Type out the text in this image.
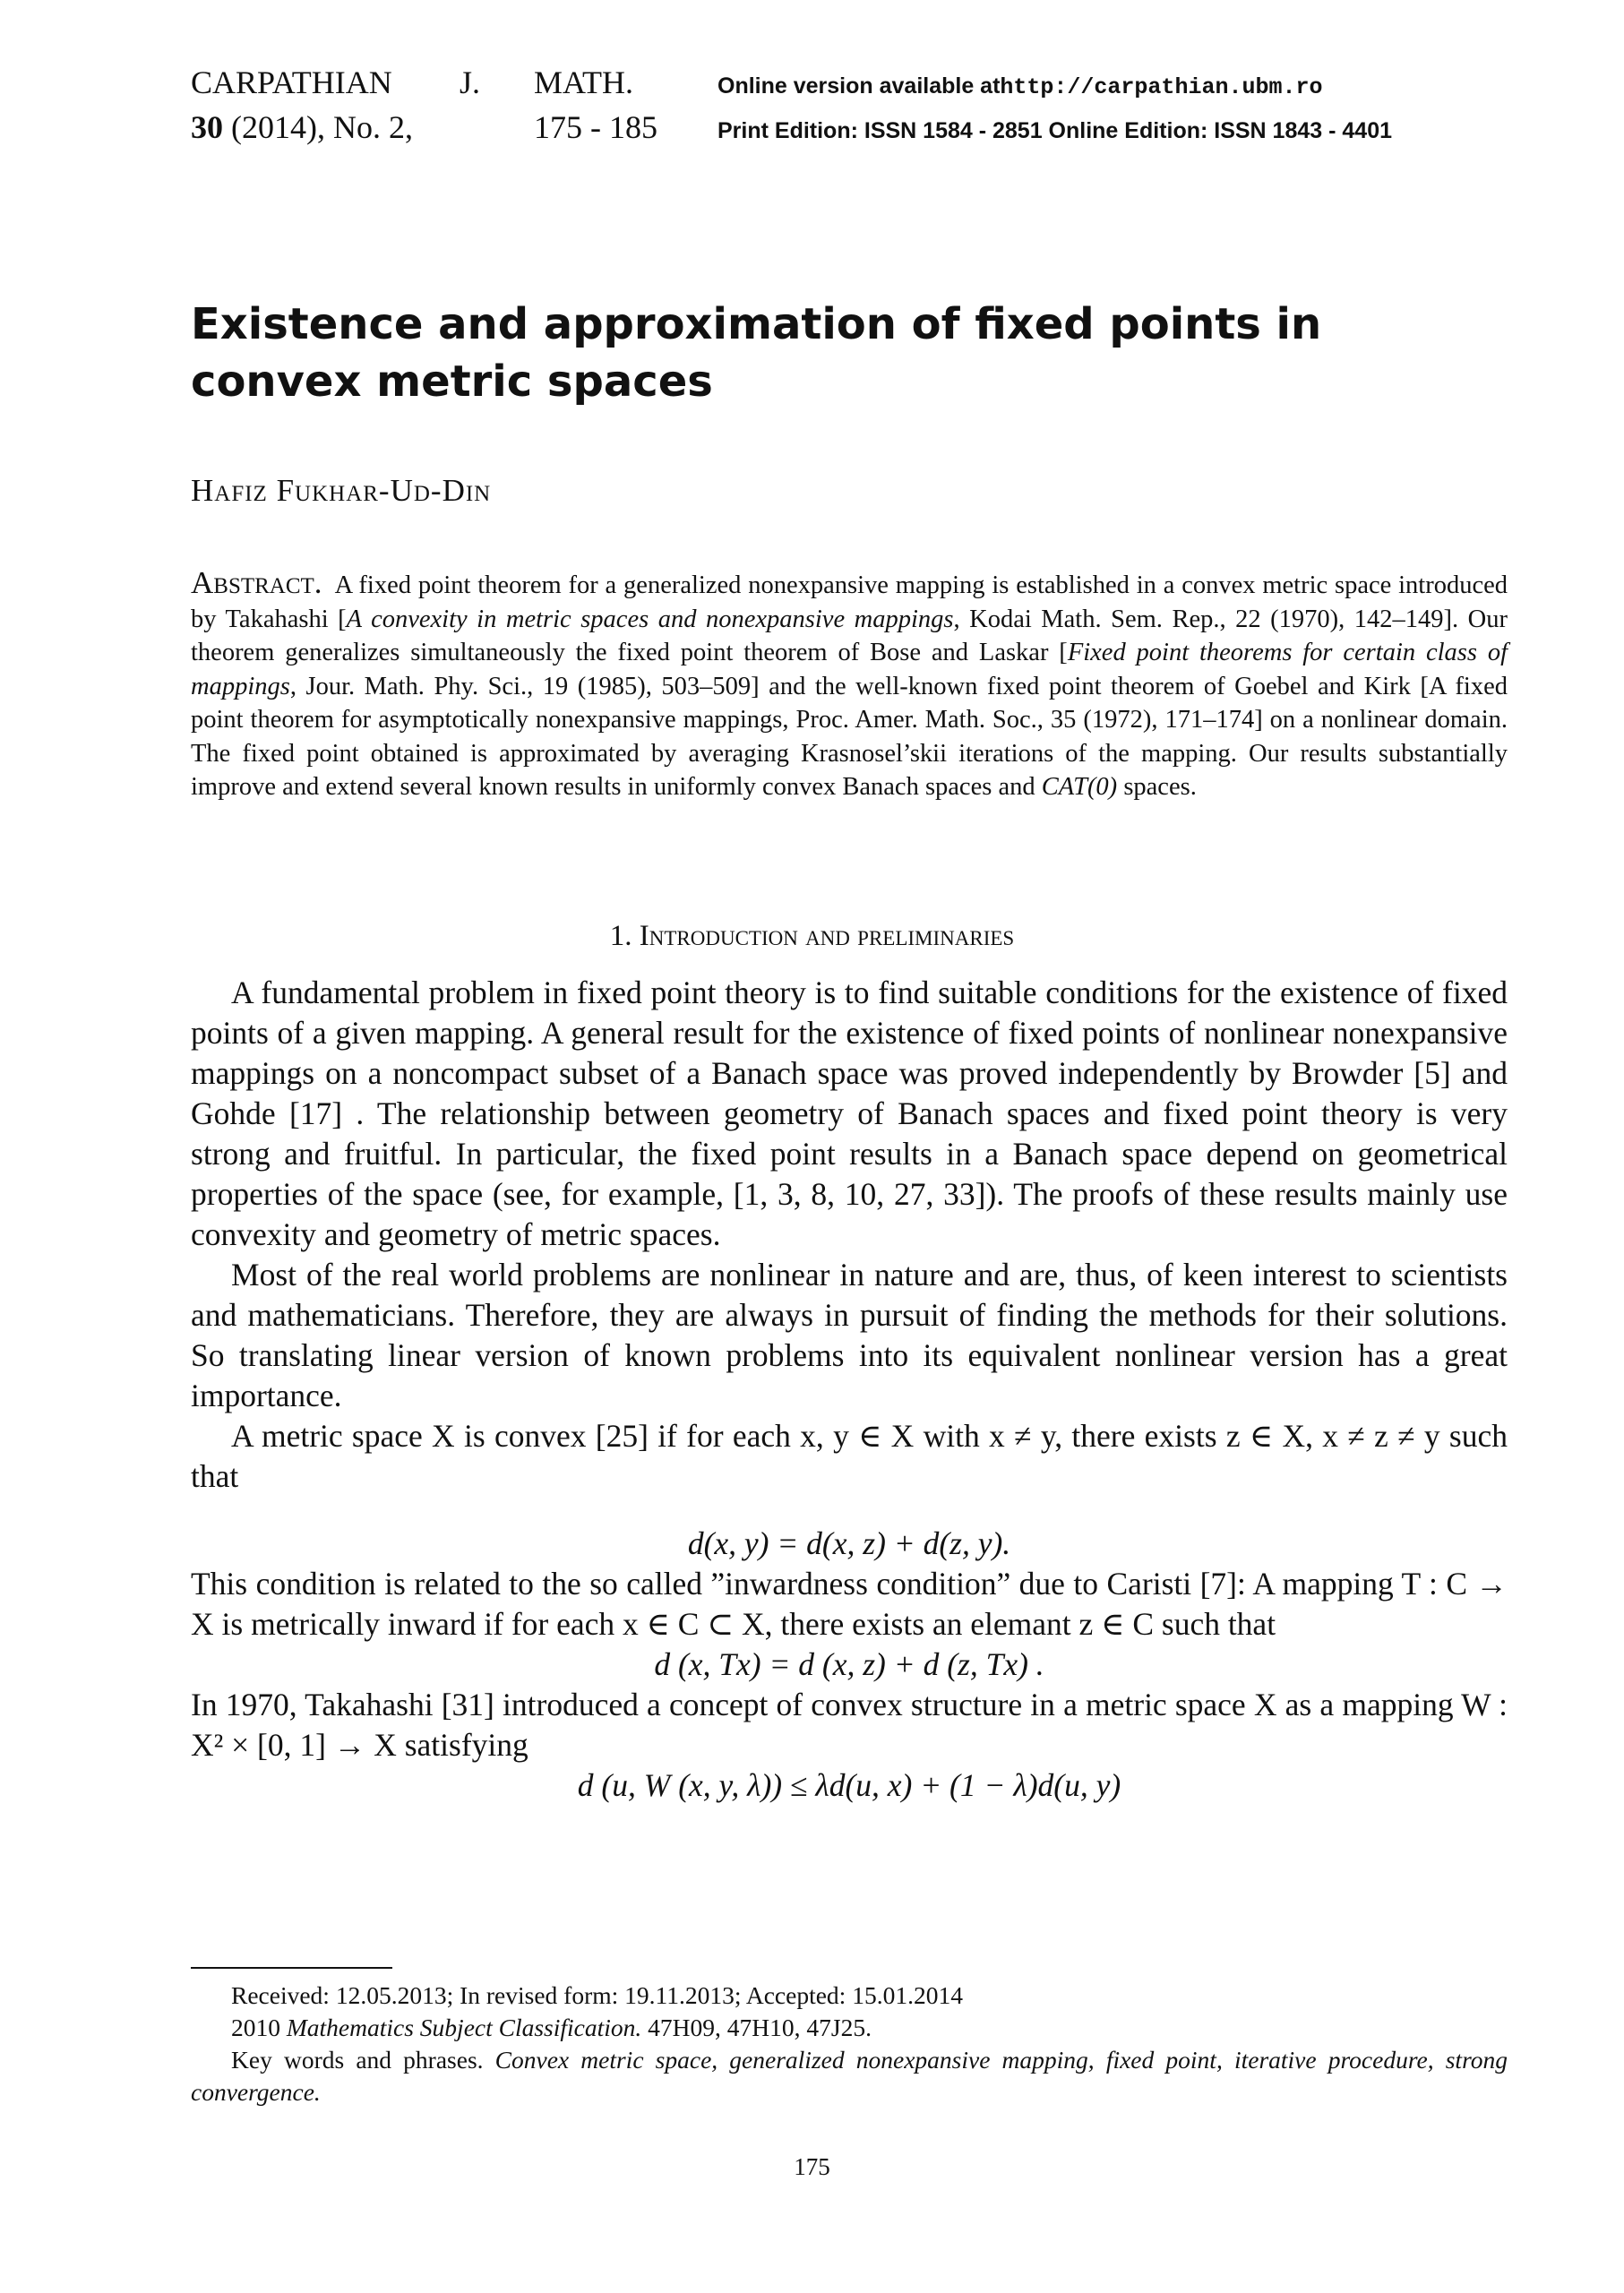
CARPATHIAN	J.	MATH.	Online version available at http://carpathian.ubm.ro
30 (2014), No. 2,	175 - 185	Print Edition: ISSN 1584 - 2851 Online Edition: ISSN 1843 - 4401
Existence and approximation of fixed points in convex metric spaces
Hafiz Fukhar-Ud-Din
Abstract. A fixed point theorem for a generalized nonexpansive mapping is established in a convex metric space introduced by Takahashi [A convexity in metric spaces and nonexpansive mappings, Kodai Math. Sem. Rep., 22 (1970), 142–149]. Our theorem generalizes simultaneously the fixed point theorem of Bose and Laskar [Fixed point theorems for certain class of mappings, Jour. Math. Phy. Sci., 19 (1985), 503–509] and the well-known fixed point theorem of Goebel and Kirk [A fixed point theorem for asymptotically nonexpansive mappings, Proc. Amer. Math. Soc., 35 (1972), 171–174] on a nonlinear domain. The fixed point obtained is approximated by averaging Krasnosel’skii iterations of the mapping. Our results substantially improve and extend several known results in uniformly convex Banach spaces and CAT(0) spaces.
1. Introduction and preliminaries

A fundamental problem in fixed point theory is to find suitable conditions for the existence of fixed points of a given mapping. A general result for the existence of fixed points of nonlinear nonexpansive mappings on a noncompact subset of a Banach space was proved independently by Browder [5] and Gohde [17] . The relationship between geometry of Banach spaces and fixed point theory is very strong and fruitful. In particular, the fixed point results in a Banach space depend on geometrical properties of the space (see, for example, [1, 3, 8, 10, 27, 33]). The proofs of these results mainly use convexity and geometry of metric spaces.

Most of the real world problems are nonlinear in nature and are, thus, of keen interest to scientists and mathematicians. Therefore, they are always in pursuit of finding the methods for their solutions. So translating linear version of known problems into its equivalent nonlinear version has a great importance.

A metric space X is convex [25] if for each x, y ∈ X with x ≠ y, there exists z ∈ X, x ≠ z ≠ y such that

d(x, y) = d(x, z) + d(z, y).

This condition is related to the so called ”inwardness condition” due to Caristi [7]: A mapping T : C → X is metrically inward if for each x ∈ C ⊂ X, there exists an elemant z ∈ C such that

d (x, Tx) = d (x, z) + d (z, Tx) .

In 1970, Takahashi [31] introduced a concept of convex structure in a metric space X as a mapping W : X² × [0, 1] → X satisfying

d (u, W (x, y, λ)) ≤ λd(u, x) + (1 − λ)d(u, y)

Received: 12.05.2013; In revised form: 19.11.2013; Accepted: 15.01.2014

2010 Mathematics Subject Classification. 47H09, 47H10, 47J25.

Key words and phrases. Convex metric space, generalized nonexpansive mapping, fixed point, iterative procedure, strong convergence.

175
